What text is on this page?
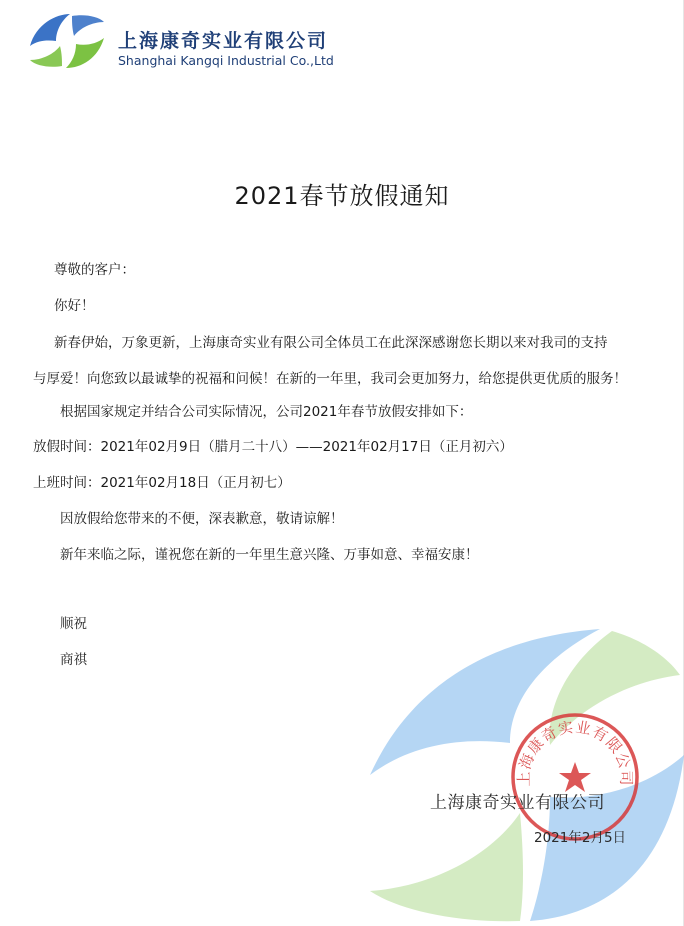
上海康奇实业有限公司
Shanghai Kangqi Industrial Co.,Ltd
2021春节放假通知
尊敬的客户：
你好！
新春伊始，万象更新，上海康奇实业有限公司全体员工在此深深感谢您长期以来对我司的支持
与厚爱！向您致以最诚挚的祝福和问候！在新的一年里，我司会更加努力，给您提供更优质的服务！
根据国家规定并结合公司实际情况，公司2021年春节放假安排如下：
放假时间：2021年02月9日（腊月二十八）——2021年02月17日（正月初六）
上班时间：2021年02月18日（正月初七）
因放假给您带来的不便，深表歉意，敬请谅解！
新年来临之际，谨祝您在新的一年里生意兴隆、万事如意、幸福安康！
顺祝
商祺
上海康奇实业有限公司
上海康奇实业有限公司
2021年2月5日
